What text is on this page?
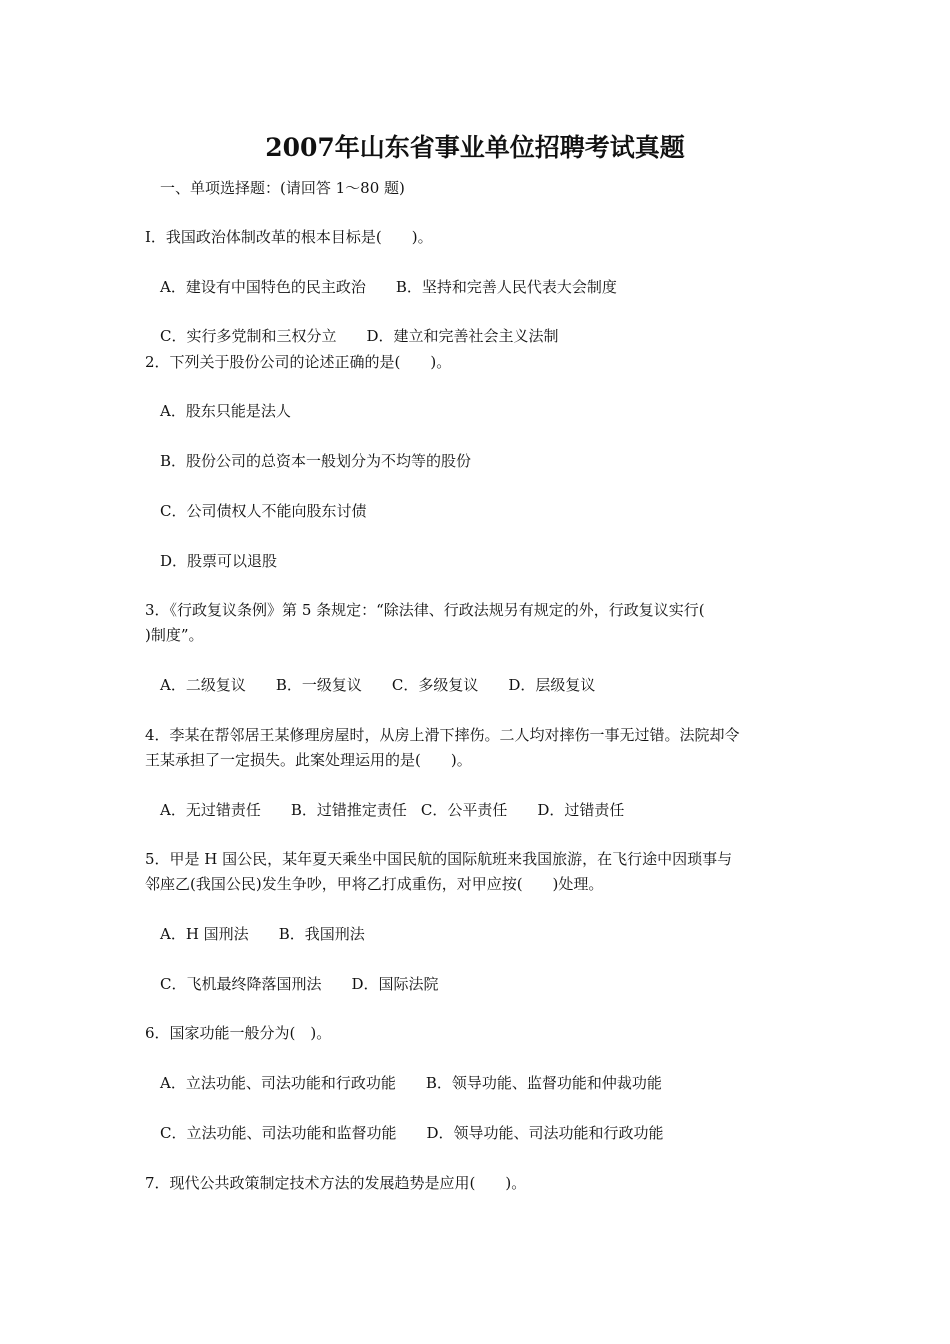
2007年山东省事业单位招聘考试真题
一、单项选择题：(请回答 1～80 题)
I．我国政治体制改革的根本目标是(　　)。
A．建设有中国特色的民主政治 B．坚持和完善人民代表大会制度
C．实行多党制和三权分立 D．建立和完善社会主义法制
2．下列关于股份公司的论述正确的是(　　)。
A．股东只能是法人
B．股份公司的总资本一般划分为不均等的股份
C．公司债权人不能向股东讨债
D．股票可以退股
3．《行政复议条例》第 5 条规定：“除法律、行政法规另有规定的外，行政复议实行(
)制度”。
A．二级复议 B．一级复议 C．多级复议 D．层级复议
4．李某在帮邻居王某修理房屋时，从房上滑下摔伤。二人均对摔伤一事无过错。法院却令
王某承担了一定损失。此案处理运用的是(　　)。
A．无过错责任 B．过错推定责任 C．公平责任 D．过错责任
5．甲是 H 国公民，某年夏天乘坐中国民航的国际航班来我国旅游，在飞行途中因琐事与
邻座乙(我国公民)发生争吵，甲将乙打成重伤，对甲应按(　　)处理。
A．H 国刑法 B．我国刑法
C．飞机最终降落国刑法 D．国际法院
6．国家功能一般分为(　)。
A．立法功能、司法功能和行政功能 B．领导功能、监督功能和仲裁功能
C．立法功能、司法功能和监督功能 D．领导功能、司法功能和行政功能
7．现代公共政策制定技术方法的发展趋势是应用(　　)。
